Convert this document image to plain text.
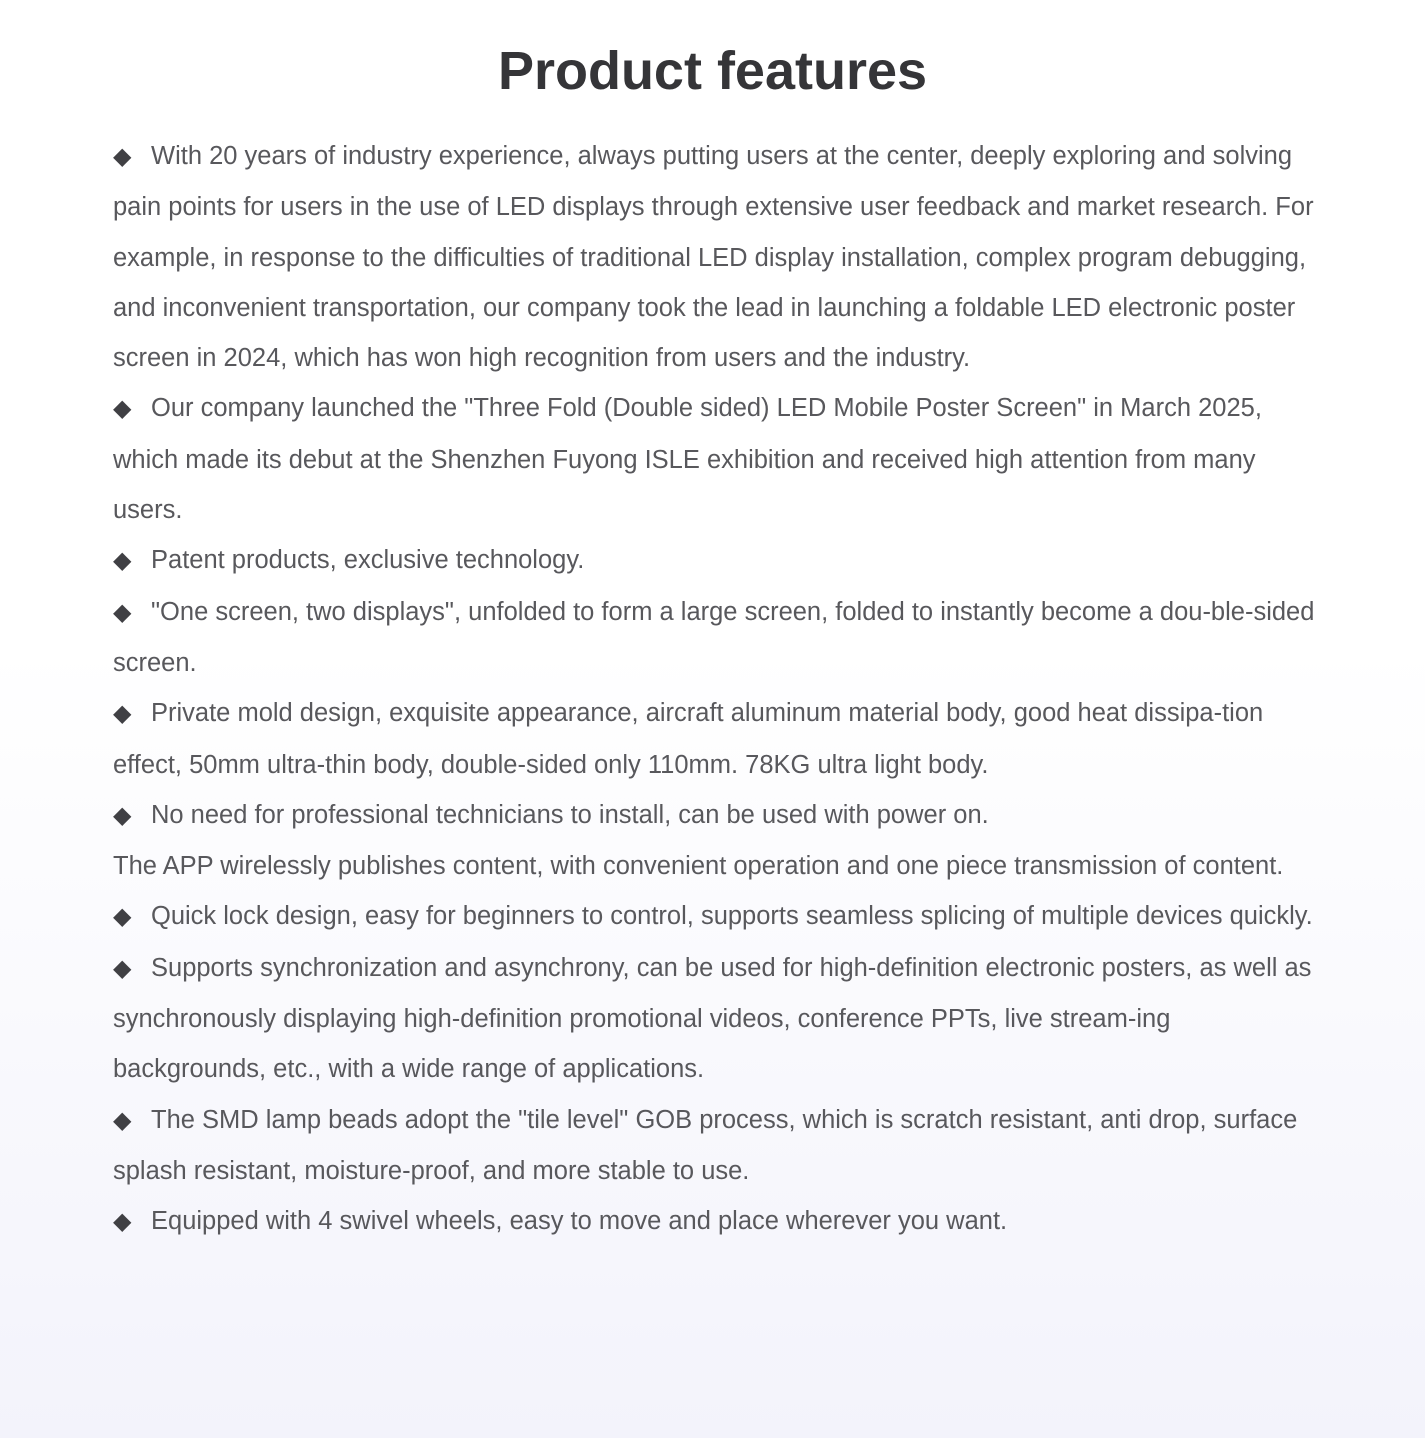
Product features

◆ With 20 years of industry experience, always putting users at the center, deeply exploring and solving pain points for users in the use of LED displays through extensive user feedback and market research. For example, in response to the difficulties of traditional LED display installation, complex program debugging, and inconvenient transportation, our company took the lead in launching a foldable LED electronic poster screen in 2024, which has won high recognition from users and the industry.

◆ Our company launched the "Three Fold (Double sided) LED Mobile Poster Screen" in March 2025, which made its debut at the Shenzhen Fuyong ISLE exhibition and received high attention from many users.

◆ Patent products, exclusive technology.

◆ "One screen, two displays", unfolded to form a large screen, folded to instantly become a dou-ble-sided screen.

◆ Private mold design, exquisite appearance, aircraft aluminum material body, good heat dissipa-tion effect, 50mm ultra-thin body, double-sided only 110mm. 78KG ultra light body.

◆ No need for professional technicians to install, can be used with power on.

The APP wirelessly publishes content, with convenient operation and one piece transmission of content.

◆ Quick lock design, easy for beginners to control, supports seamless splicing of multiple devices quickly.

◆ Supports synchronization and asynchrony, can be used for high-definition electronic posters, as well as synchronously displaying high-definition promotional videos, conference PPTs, live stream-ing backgrounds, etc., with a wide range of applications.

◆ The SMD lamp beads adopt the "tile level" GOB process, which is scratch resistant, anti drop, surface splash resistant, moisture-proof, and more stable to use.

◆ Equipped with 4 swivel wheels, easy to move and place wherever you want.
